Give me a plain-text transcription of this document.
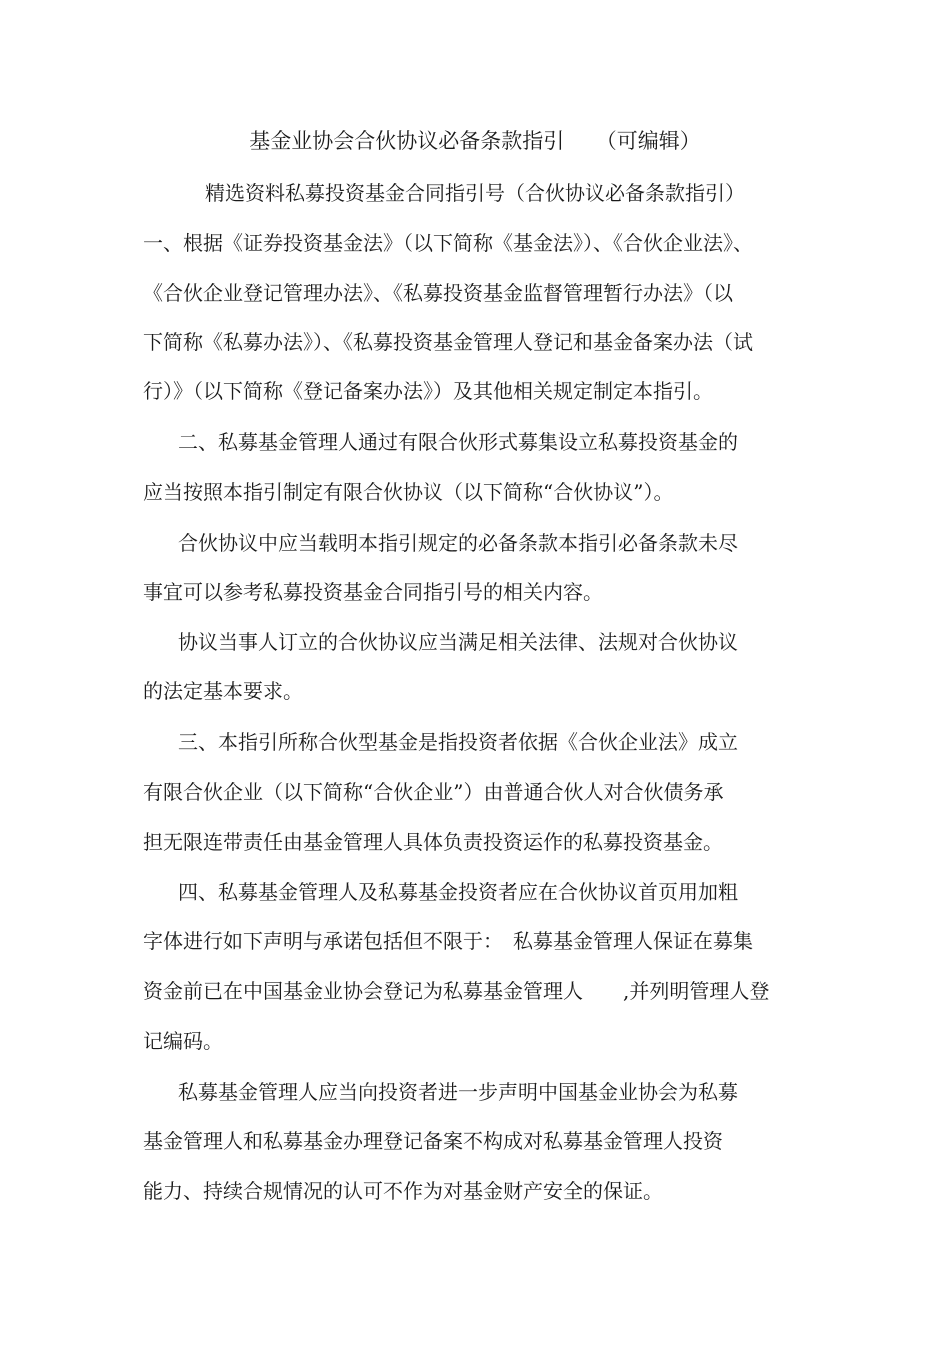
基金业协会合伙协议必备条款指引　　（可编辑）
精选资料私募投资基金合同指引号（合伙协议必备条款指引）
一、根据《证券投资基金法》（以下简称《基金法》）、《合伙企业法》、
《合伙企业登记管理办法》、《私募投资基金监督管理暂行办法》（以
下简称《私募办法》）、《私募投资基金管理人登记和基金备案办法（试
行）》（以下简称《登记备案办法》）及其他相关规定制定本指引。
二、私募基金管理人通过有限合伙形式募集设立私募投资基金的
应当按照本指引制定有限合伙协议（以下简称“合伙协议”）。
合伙协议中应当载明本指引规定的必备条款本指引必备条款未尽
事宜可以参考私募投资基金合同指引号的相关内容。
协议当事人订立的合伙协议应当满足相关法律、法规对合伙协议
的法定基本要求。
三、本指引所称合伙型基金是指投资者依据《合伙企业法》成立
有限合伙企业（以下简称“合伙企业”）由普通合伙人对合伙债务承
担无限连带责任由基金管理人具体负责投资运作的私募投资基金。
四、私募基金管理人及私募基金投资者应在合伙协议首页用加粗
字体进行如下声明与承诺包括但不限于：　私募基金管理人保证在募集
资金前已在中国基金业协会登记为私募基金管理人　　,并列明管理人登
记编码。
私募基金管理人应当向投资者进一步声明中国基金业协会为私募
基金管理人和私募基金办理登记备案不构成对私募基金管理人投资
能力、持续合规情况的认可不作为对基金财产安全的保证。
